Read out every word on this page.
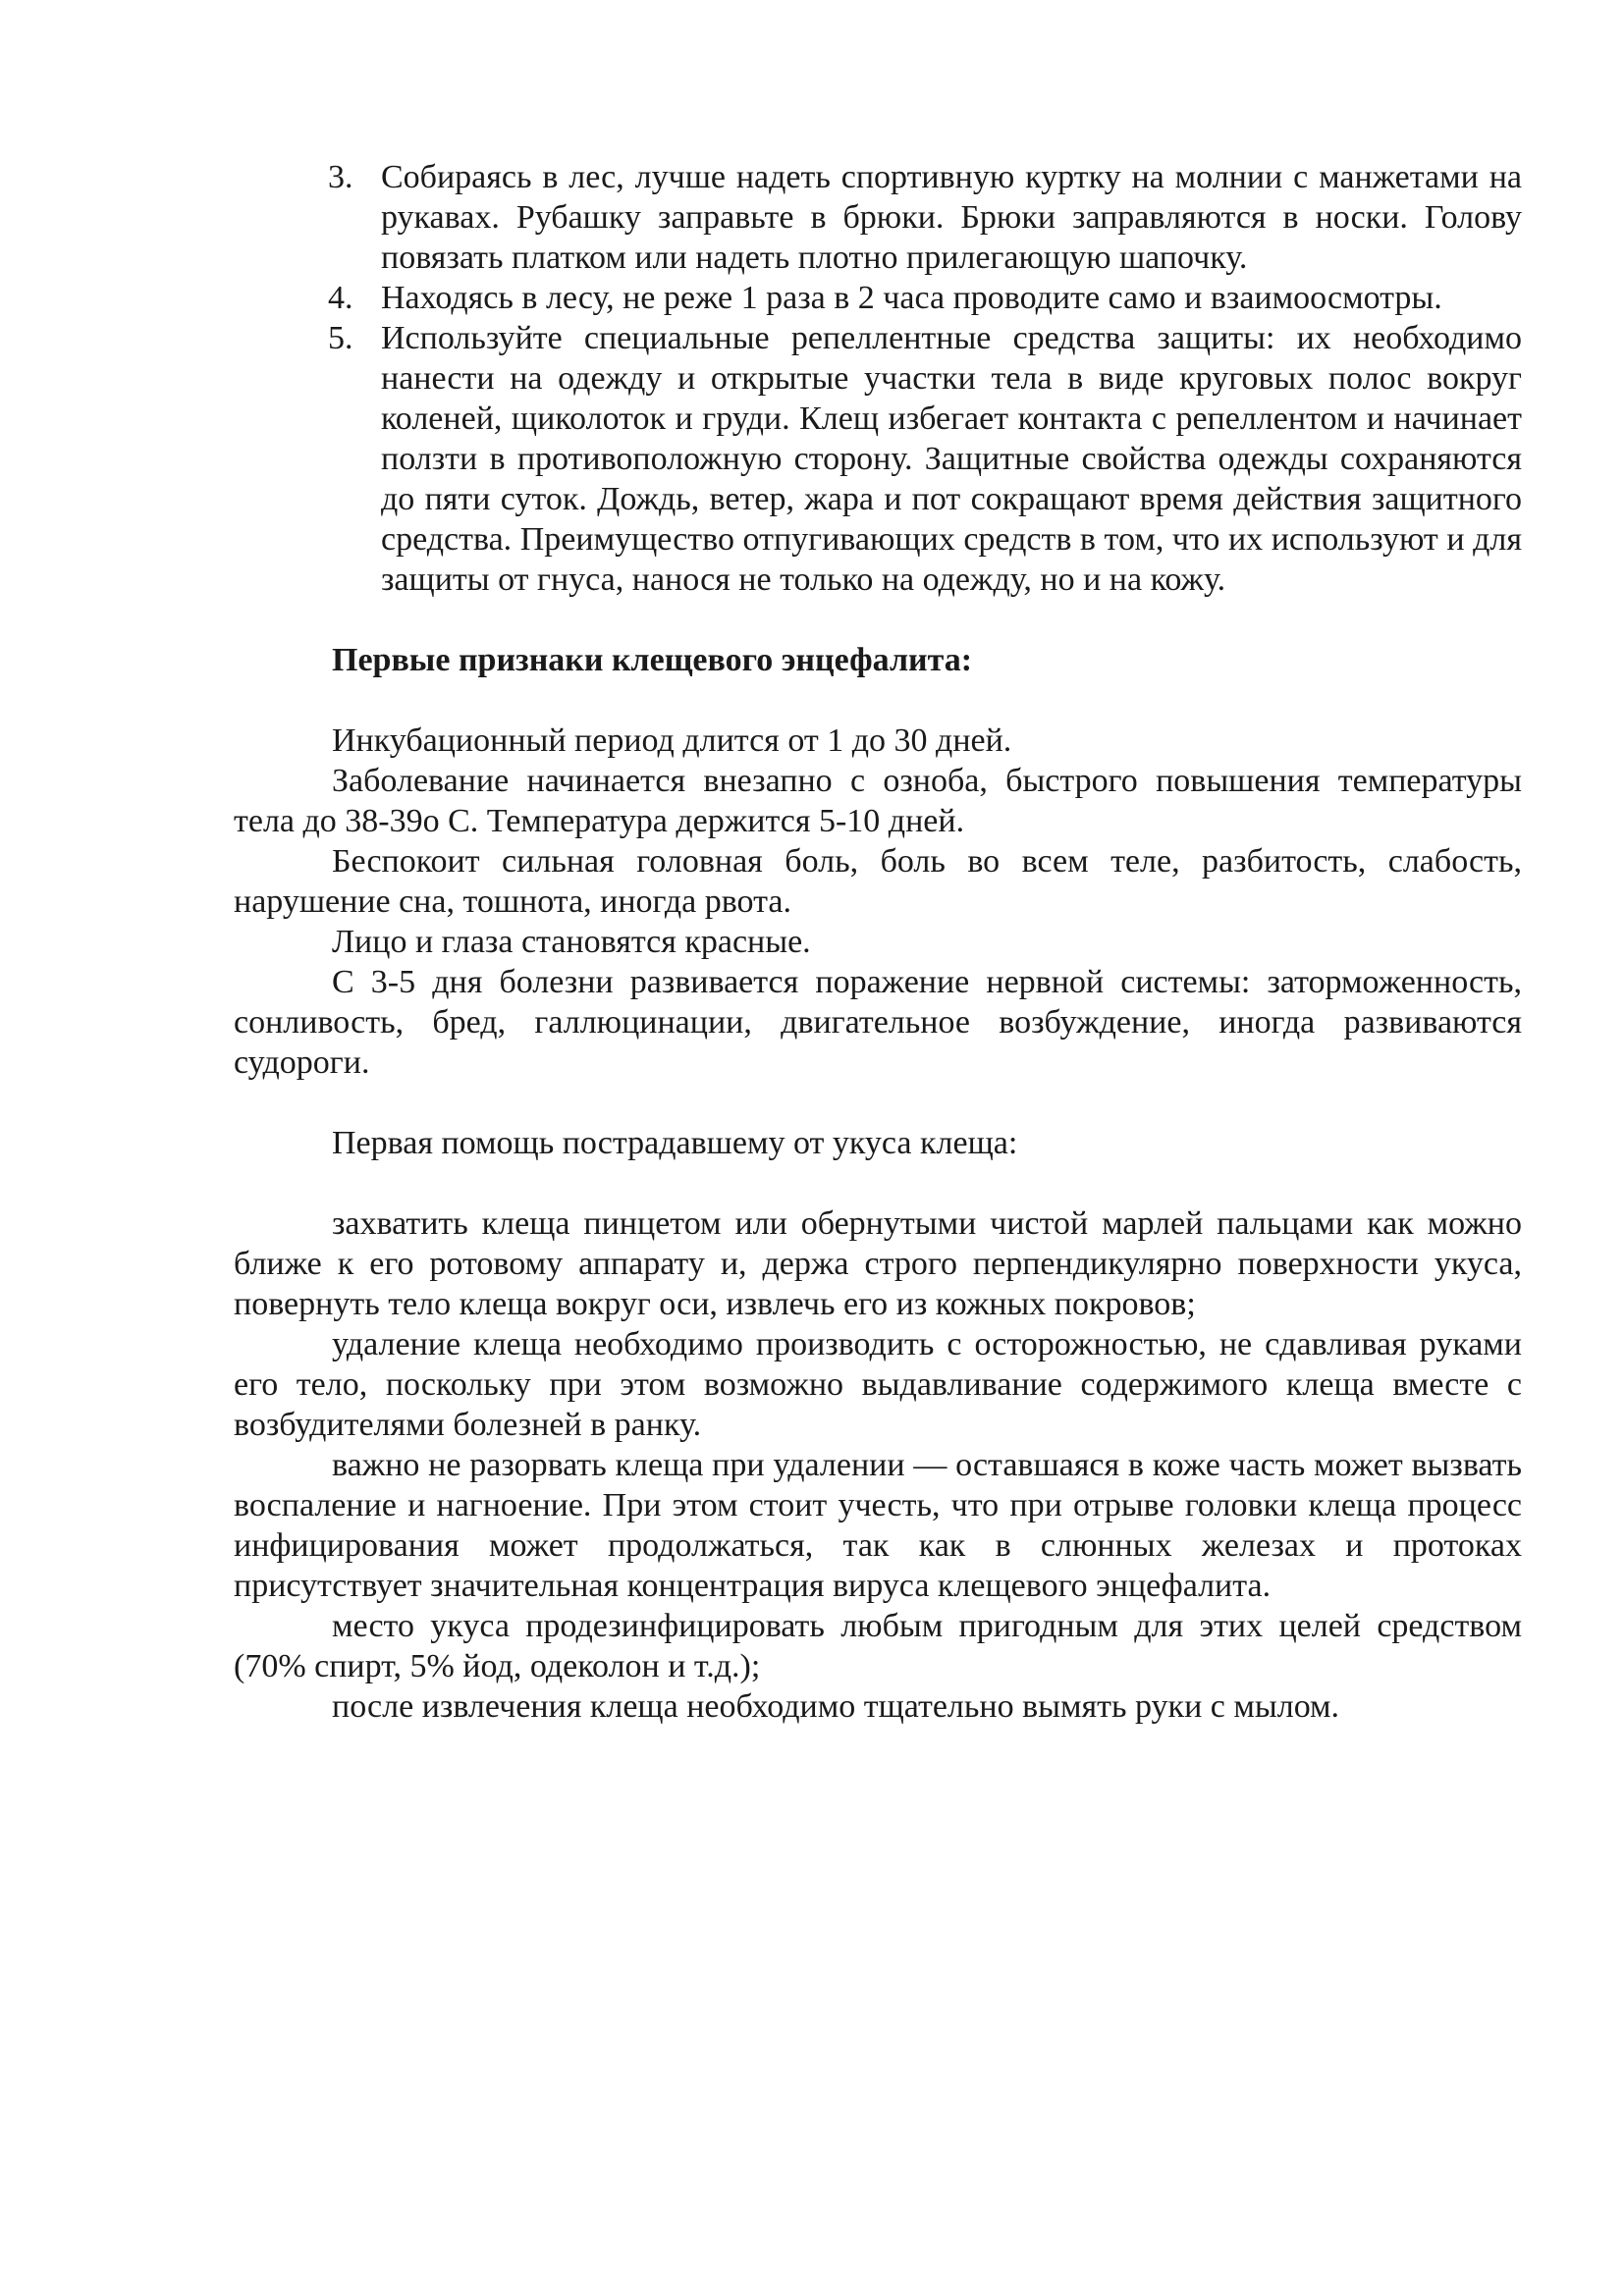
3. Собираясь в лес, лучше надеть спортивную куртку на молнии с манжетами на рукавах. Рубашку заправьте в брюки. Брюки заправляются в носки. Голову повязать платком или надеть плотно прилегающую шапочку.
4. Находясь в лесу, не реже 1 раза в 2 часа проводите само и взаимоосмотры.
5. Используйте специальные репеллентные средства защиты: их необходимо нанести на одежду и открытые участки тела в виде круговых полос вокруг коленей, щиколоток и груди. Клещ избегает контакта с репеллентом и начинает ползти в противоположную сторону. Защитные свойства одежды сохраняются до пяти суток. Дождь, ветер, жара и пот сокращают время действия защитного средства. Преимущество отпугивающих средств в том, что их используют и для защиты от гнуса, нанося не только на одежду, но и на кожу.

Первые признаки клещевого энцефалита:

Инкубационный период длится от 1 до 30 дней.

Заболевание начинается внезапно с озноба, быстрого повышения температуры тела до 38-39о С. Температура держится 5-10 дней.

Беспокоит сильная головная боль, боль во всем теле, разбитость, слабость, нарушение сна, тошнота, иногда рвота.

Лицо и глаза становятся красные.

С 3-5 дня болезни развивается поражение нервной системы: заторможенность, сонливость, бред, галлюцинации, двигательное возбуждение, иногда развиваются судороги.

Первая помощь пострадавшему от укуса клеща:

захватить клеща пинцетом или обернутыми чистой марлей пальцами как можно ближе к его ротовому аппарату и, держа строго перпендикулярно поверхности укуса, повернуть тело клеща вокруг оси, извлечь его из кожных покровов;

удаление клеща необходимо производить с осторожностью, не сдавливая руками его тело, поскольку при этом возможно выдавливание содержимого клеща вместе с возбудителями болезней в ранку.

важно не разорвать клеща при удалении — оставшаяся в коже часть может вызвать воспаление и нагноение. При этом стоит учесть, что при отрыве головки клеща процесс инфицирования может продолжаться, так как в слюнных железах и протоках присутствует значительная концентрация вируса клещевого энцефалита.

место укуса продезинфицировать любым пригодным для этих целей средством (70% спирт, 5% йод, одеколон и т.д.);

после извлечения клеща необходимо тщательно вымять руки с мылом.
